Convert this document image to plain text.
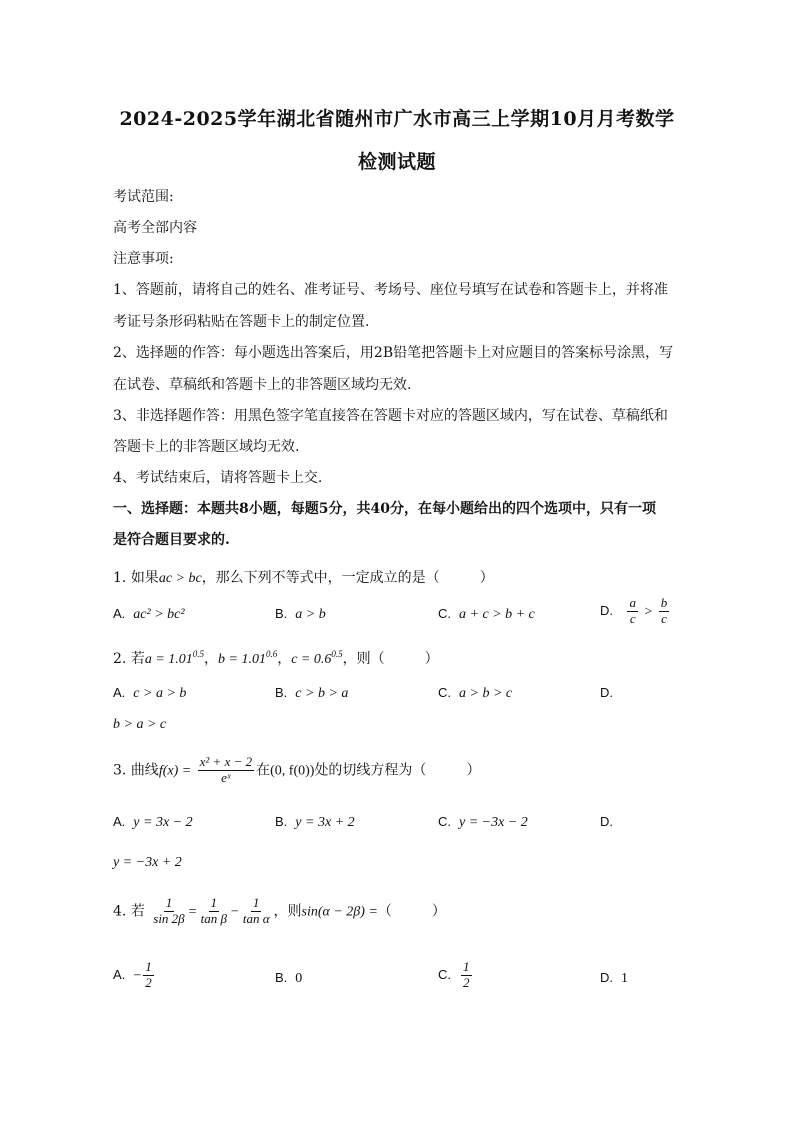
2024-2025学年湖北省随州市广水市高三上学期10月月考数学
检测试题
考试范围:
高考全部内容
注意事项:
1、答题前，请将自己的姓名、准考证号、考场号、座位号填写在试卷和答题卡上，并将准
考证号条形码粘贴在答题卡上的制定位置.
2、选择题的作答：每小题选出答案后，用2B铅笔把答题卡上对应题目的答案标号涂黑，写
在试卷、草稿纸和答题卡上的非答题区域均无效.
3、非选择题作答：用黑色签字笔直接答在答题卡对应的答题区域内，写在试卷、草稿纸和
答题卡上的非答题区域均无效.
4、考试结束后，请将答题卡上交.
一、选择题：本题共8小题，每题5分，共40分，在每小题给出的四个选项中，只有一项
是符合题目要求的.
1. 如果ac > bc，那么下列不等式中，一定成立的是（	）
A. ac² > bc²	B. a > b	C. a + c > b + c	D. $\frac{a}{c} > \frac{b}{c}$
2. 若$a = 1.01^{0.5}$，$b = 1.01^{0.6}$，$c = 0.6^{0.5}$，则（	）
A. c > a > b	B. c > b > a	C. a > b > c	D.
b > a > c
3. 曲线$f(x) = \frac{\text{x² + x − 2}}{\text{eˣ}}$ 在(0, f(0))处的切线方程为（	）
A. y = 3x − 2	B. y = 3x + 2	C. y = −3x − 2	D.
y = −3x + 2
4. 若 $\frac{1}{\sin 2\beta} = \frac{1}{\text{tan β}} - \frac{1}{\text{tan α}}$ ，则sin(α − 2β) =（	）
A. − $\frac{1}{2}$	B. 0	C. $\frac{1}{2}$	D. 1
